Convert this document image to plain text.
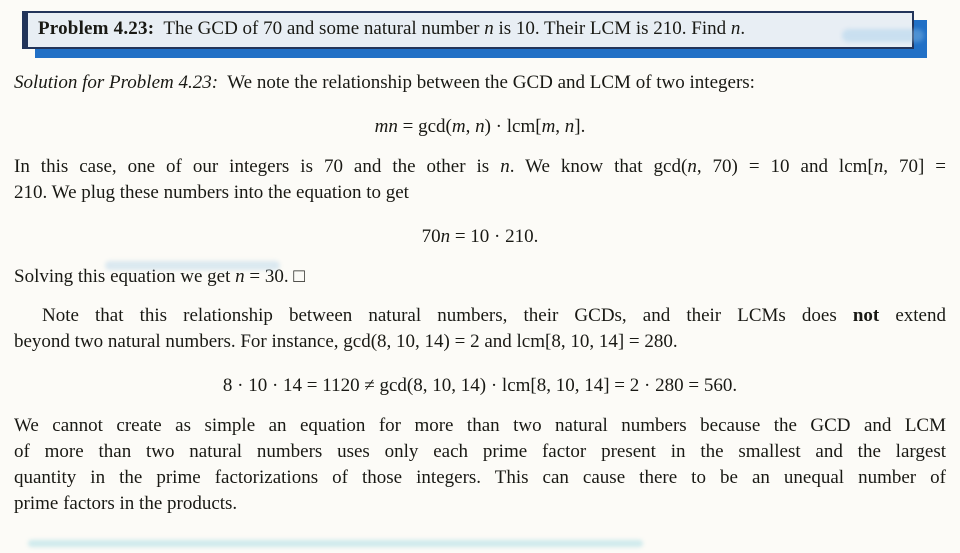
Problem 4.23:  The GCD of 70 and some natural number n is 10. Their LCM is 210. Find n.
Solution for Problem 4.23:  We note the relationship between the GCD and LCM of two integers:
mn = gcd(m, n) · lcm[m, n].
In this case, one of our integers is 70 and the other is n. We know that gcd(n, 70) = 10 and lcm[n, 70] =
210. We plug these numbers into the equation to get
70n = 10 · 210.
Solving this equation we get n = 30. □
Note that this relationship between natural numbers, their GCDs, and their LCMs does not extend
beyond two natural numbers. For instance, gcd(8, 10, 14) = 2 and lcm[8, 10, 14] = 280.
8 · 10 · 14 = 1120 ≠ gcd(8, 10, 14) · lcm[8, 10, 14] = 2 · 280 = 560.
We cannot create as simple an equation for more than two natural numbers because the GCD and LCM
of more than two natural numbers uses only each prime factor present in the smallest and the largest
quantity in the prime factorizations of those integers. This can cause there to be an unequal number of
prime factors in the products.
